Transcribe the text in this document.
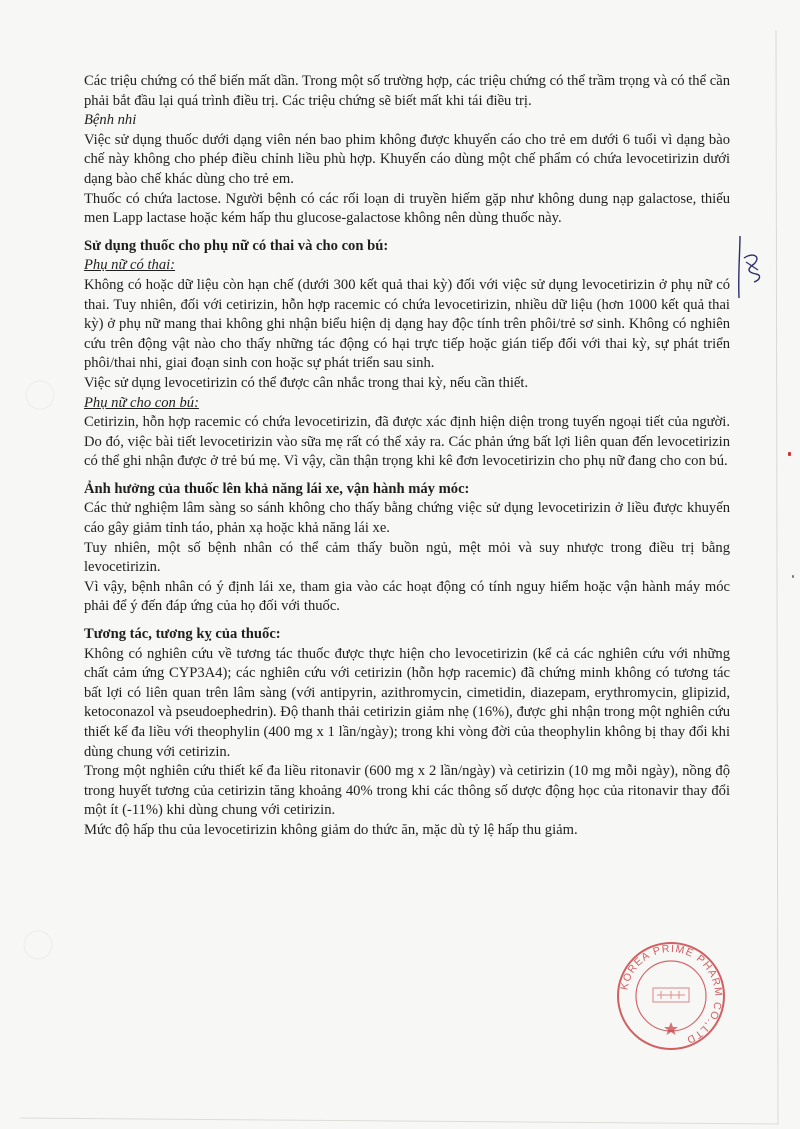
Các triệu chứng có thể biến mất dần. Trong một số trường hợp, các triệu chứng có thể trầm trọng và có thể cần phải bắt đầu lại quá trình điều trị. Các triệu chứng sẽ biết mất khi tái điều trị.

Bệnh nhi

Việc sử dụng thuốc dưới dạng viên nén bao phim không được khuyến cáo cho trẻ em dưới 6 tuổi vì dạng bào chế này không cho phép điều chỉnh liều phù hợp. Khuyến cáo dùng một chế phẩm có chứa levocetirizin dưới dạng bào chế khác dùng cho trẻ em.

Thuốc có chứa lactose. Người bệnh có các rối loạn di truyền hiếm gặp như không dung nạp galactose, thiếu men Lapp lactase hoặc kém hấp thu glucose-galactose không nên dùng thuốc này.

Sử dụng thuốc cho phụ nữ có thai và cho con bú:

Phụ nữ có thai:

Không có hoặc dữ liệu còn hạn chế (dưới 300 kết quả thai kỳ) đối với việc sử dụng levocetirizin ở phụ nữ có thai. Tuy nhiên, đối với cetirizin, hỗn hợp racemic có chứa levocetirizin, nhiều dữ liệu (hơn 1000 kết quả thai kỳ) ở phụ nữ mang thai không ghi nhận biểu hiện dị dạng hay độc tính trên phôi/trẻ sơ sinh. Không có nghiên cứu trên động vật nào cho thấy những tác động có hại trực tiếp hoặc gián tiếp đối với thai kỳ, sự phát triển phôi/thai nhi, giai đoạn sinh con hoặc sự phát triển sau sinh.

Việc sử dụng levocetirizin có thể được cân nhắc trong thai kỳ, nếu cần thiết.

Phụ nữ cho con bú:

Cetirizin, hỗn hợp racemic có chứa levocetirizin, đã được xác định hiện diện trong tuyến ngoại tiết của người. Do đó, việc bài tiết levocetirizin vào sữa mẹ rất có thể xảy ra. Các phản ứng bất lợi liên quan đến levocetirizin có thể ghi nhận được ở trẻ bú mẹ. Vì vậy, cần thận trọng khi kê đơn levocetirizin cho phụ nữ đang cho con bú.

Ảnh hưởng của thuốc lên khả năng lái xe, vận hành máy móc:

Các thử nghiệm lâm sàng so sánh không cho thấy bằng chứng việc sử dụng levocetirizin ở liều được khuyến cáo gây giảm tỉnh táo, phản xạ hoặc khả năng lái xe.

Tuy nhiên, một số bệnh nhân có thể cảm thấy buồn ngủ, mệt mỏi và suy nhược trong điều trị bằng levocetirizin.

Vì vậy, bệnh nhân có ý định lái xe, tham gia vào các hoạt động có tính nguy hiểm hoặc vận hành máy móc phải để ý đến đáp ứng của họ đối với thuốc.

Tương tác, tương kỵ của thuốc:

Không có nghiên cứu về tương tác thuốc được thực hiện cho levocetirizin (kể cả các nghiên cứu với những chất cảm ứng CYP3A4); các nghiên cứu với cetirizin (hỗn hợp racemic) đã chứng minh không có tương tác bất lợi có liên quan trên lâm sàng (với antipyrin, azithromycin, cimetidin, diazepam, erythromycin, glipizid, ketoconazol và pseudoephedrin). Độ thanh thải cetirizin giảm nhẹ (16%), được ghi nhận trong một nghiên cứu thiết kế đa liều với theophylin (400 mg x 1 lần/ngày); trong khi vòng đời của theophylin không bị thay đổi khi dùng chung với cetirizin.

Trong một nghiên cứu thiết kế đa liều ritonavir (600 mg x 2 lần/ngày) và cetirizin (10 mg mỗi ngày), nồng độ trong huyết tương của cetirizin tăng khoảng 40% trong khi các thông số dược động học của ritonavir thay đổi một ít (-11%) khi dùng chung với cetirizin.

Mức độ hấp thu của levocetirizin không giảm do thức ăn, mặc dù tỷ lệ hấp thu giảm.

KOREA PRIME PHARM CO.,LTD
